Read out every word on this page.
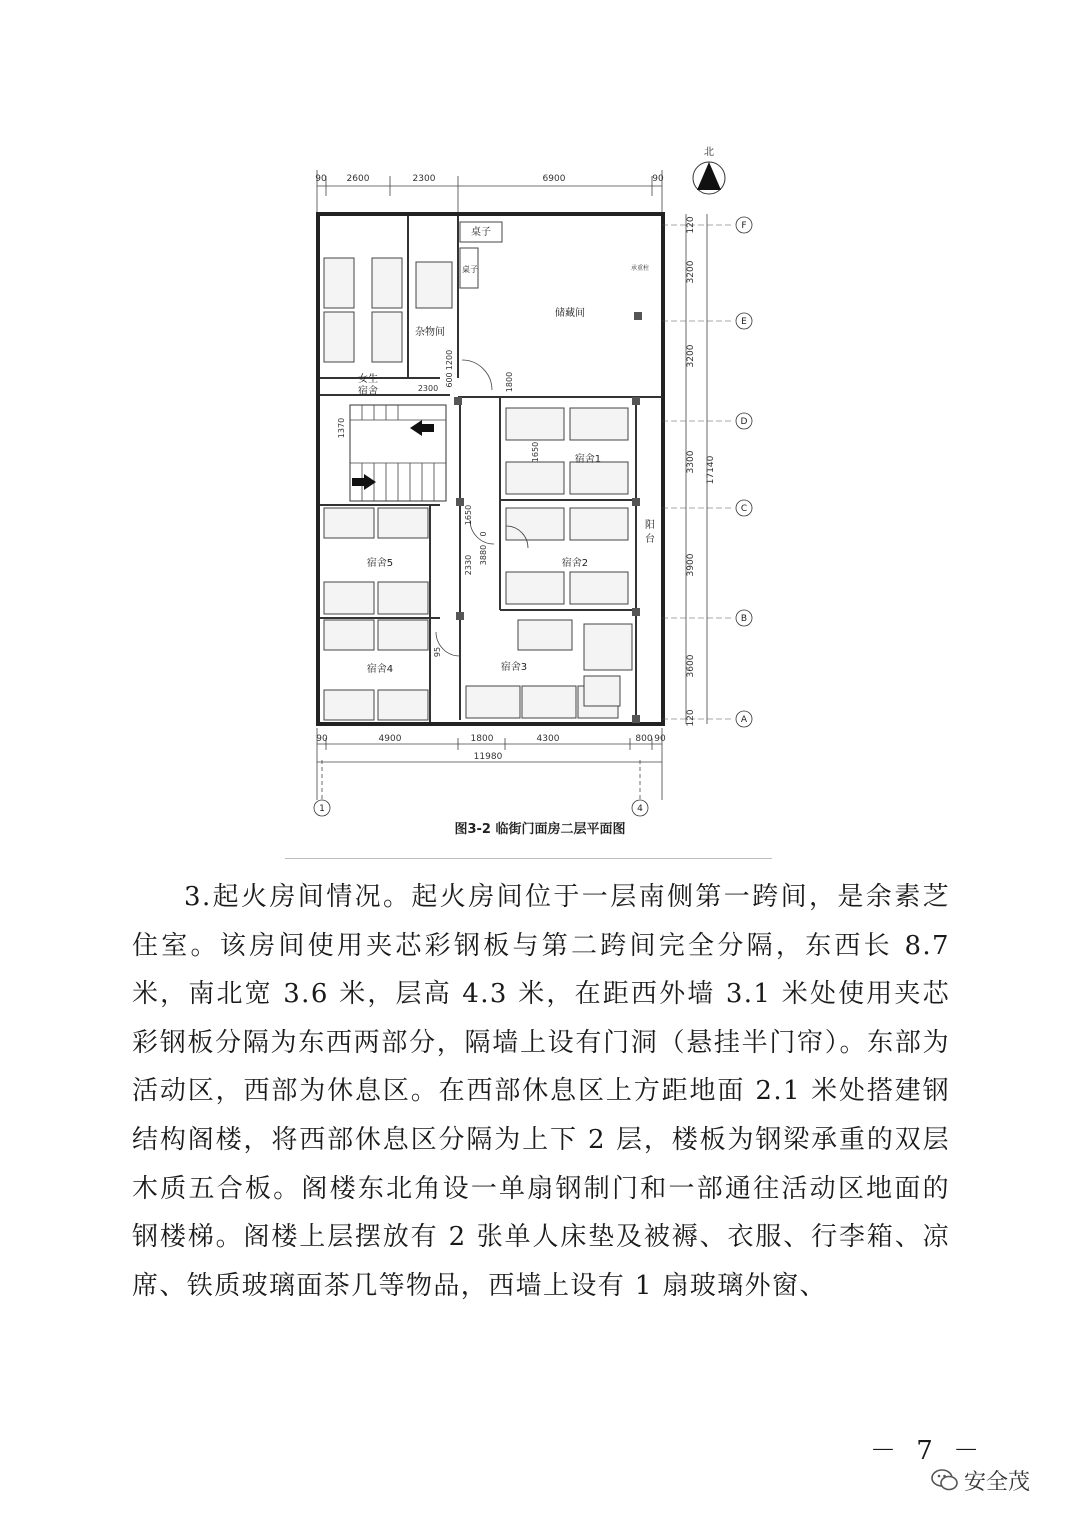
90 2600	2300	6900	90
北
杂物间
女生
宿舍
储藏间
桌子
桌子	承重柱
宿舍1
宿舍2
宿舍3
宿舍4
宿舍5
阳
台
2300
600
1200
1800
1370
1650
1650
3880
0
2330
95
F
E
D
C
B
A
120
3200
3200
3300
3900
3600
120
17140
90	4900	1800	4300	800 90
11980
1	4
图3-2 临街门面房二层平面图

3.起火房间情况。起火房间位于一层南侧第一跨间，是余素芝住室。该房间使用夹芯彩钢板与第二跨间完全分隔，东西长 8.7 米，南北宽 3.6 米，层高 4.3 米，在距西外墙 3.1 米处使用夹芯彩钢板分隔为东西两部分，隔墙上设有门洞（悬挂半门帘）。东部为活动区，西部为休息区。在西部休息区上方距地面 2.1 米处搭建钢结构阁楼，将西部休息区分隔为上下 2 层，楼板为钢梁承重的双层木质五合板。阁楼东北角设一单扇钢制门和一部通往活动区地面的钢楼梯。阁楼上层摆放有 2 张单人床垫及被褥、衣服、行李箱、凉席、铁质玻璃面茶几等物品，西墙上设有 1 扇玻璃外窗、

－ 7 －
安全茂
